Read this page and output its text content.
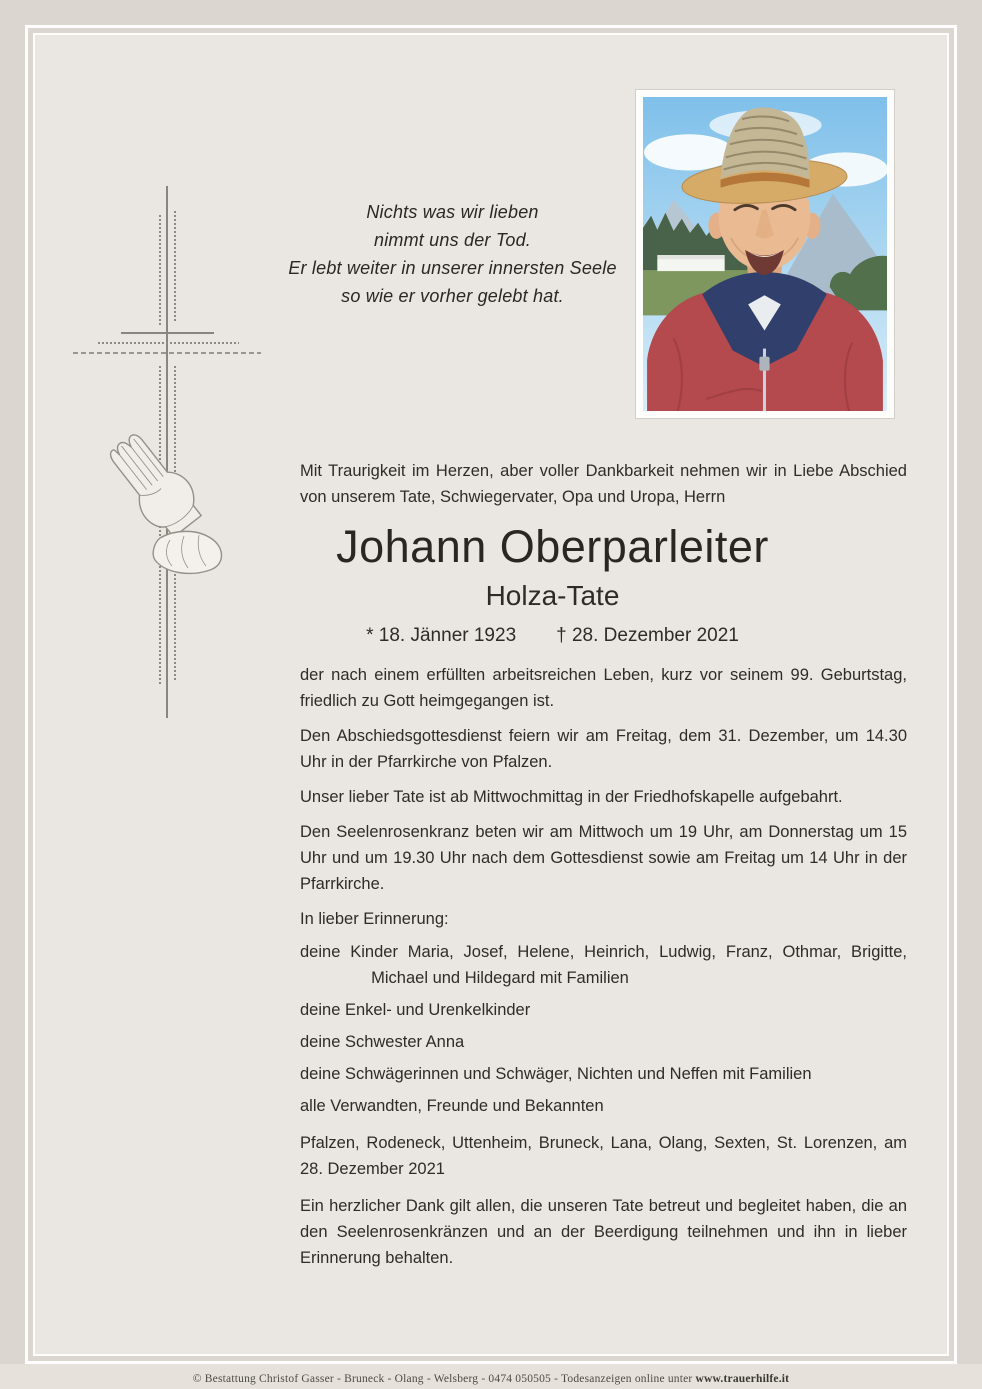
Nichts was wir lieben
nimmt uns der Tod.
Er lebt weiter in unserer innersten Seele
so wie er vorher gelebt hat.

Mit Traurigkeit im Herzen, aber voller Dankbarkeit nehmen wir in Liebe Abschied von unserem Tate, Schwiegervater, Opa und Uropa, Herrn

Johann Oberparleiter
Holza-Tate
* 18. Jänner 1923 † 28. Dezember 2021

der nach einem erfüllten arbeitsreichen Leben, kurz vor seinem 99. Geburtstag, friedlich zu Gott heimgegangen ist.

Den Abschiedsgottesdienst feiern wir am Freitag, dem 31. Dezember, um 14.30 Uhr in der Pfarrkirche von Pfalzen.

Unser lieber Tate ist ab Mittwochmittag in der Friedhofskapelle aufgebahrt.

Den Seelenrosenkranz beten wir am Mittwoch um 19 Uhr, am Donnerstag um 15 Uhr und um 19.30 Uhr nach dem Gottesdienst sowie am Freitag um 14 Uhr in der Pfarrkirche.

In lieber Erinnerung:

deine Kinder Maria, Josef, Helene, Heinrich, Ludwig, Franz, Othmar, Brigitte,

Michael und Hildegard mit Familien

deine Enkel- und Urenkelkinder

deine Schwester Anna

deine Schwägerinnen und Schwäger, Nichten und Neffen mit Familien

alle Verwandten, Freunde und Bekannten

Pfalzen, Rodeneck, Uttenheim, Bruneck, Lana, Olang, Sexten, St. Lorenzen, am 28. Dezember 2021

Ein herzlicher Dank gilt allen, die unseren Tate betreut und begleitet haben, die an den Seelenrosenkränzen und an der Beerdigung teilnehmen und ihn in lieber Erinnerung behalten.

© Bestattung Christof Gasser - Bruneck - Olang - Welsberg - 0474 050505 - Todesanzeigen online unter www.trauerhilfe.it
